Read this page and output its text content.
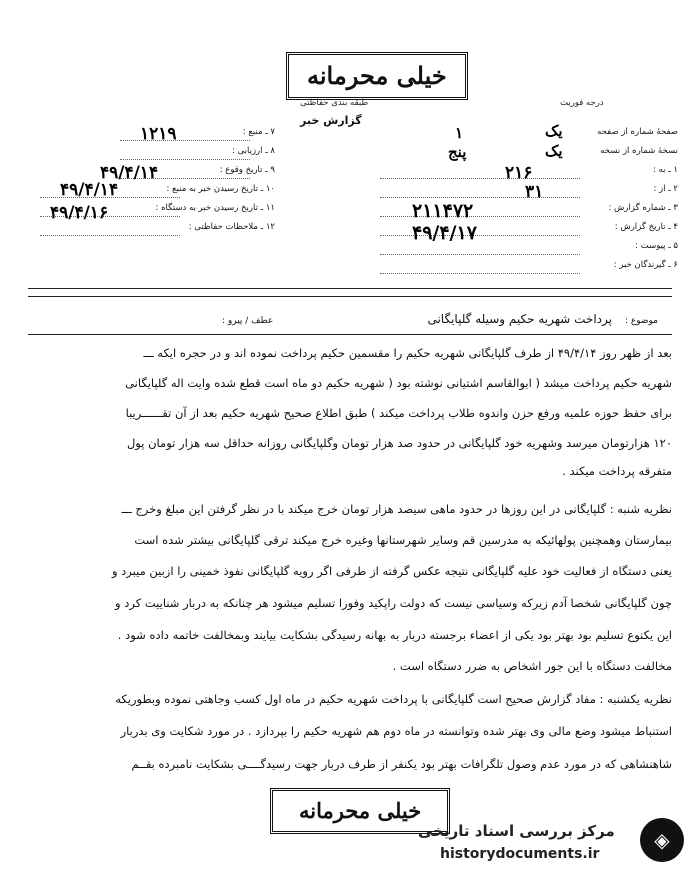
خیلی محرمانه
طبقه بندی حفاظتی	درجه فوریت
گزارش خبر
۷ ـ منبع :
۸ ـ ارزیابی :
۹ ـ تاریخ وقوع :
۱۰ ـ تاریخ رسیدن خبر به منبع :
۱۱ ـ تاریخ رسیدن خبر به دستگاه :
۱۲ ـ ملاحظات حفاظتی :
صفحهٔ شماره از صفحه
نسخهٔ شماره از نسخه
۱ ـ به :
۲ ـ از :
۳ ـ شماره گزارش :
۴ ـ تاریخ گزارش :
۵ ـ پیوست :
۶ ـ گیرندگان خبر :
۱۲۱۹
۴۹/۴/۱۴
۴۹/۴/۱۴
۴۹/۴/۱۶
یک
۱
یک
پنج
۲۱۶
۳۱
۲۱۱۴۷۲
۴۹/۴/۱۷
موضوع :
پرداخت شهریه حکیم وسیله گلپایگانی
عطف / پیرو :
بعد از ظهر روز ۴۹/۴/۱۴ از طرف گلپایگانی شهریه حکیم را مقسمین حکیم پرداخت نموده اند و در حجره ایکه ـــ
شهریه حکیم پرداخت میشد ( ابوالقاسم اشتیانی نوشته بود ( شهریه حکیم دو ماه است قطع شده وایت اله گلپایگانی
برای حفظ حوزه علمیه ورفع حزن واندوه طلاب پرداخت میکند ) طبق اطلاع صحیح شهریه حکیم بعد از آن تقــــــریبا
۱۲۰ هزارتومان میرسد وشهریه خود گلپایگانی در حدود صد هزار تومان وگلپایگانی روزانه حداقل سه هزار تومان پول
متفرقه پرداخت میکند .
نظریه شنبه : گلپایگانی در این روزها در حدود ماهی سیصد هزار تومان خرج میکند با در نظر گرفتن این مبلغ وخرج ـــ
بیمارستان وهمچنین پولهائیکه به مدرسین قم وسایر شهرستانها وغیره خرج میکند ترقی گلپایگانی بیشتر شده است
یعنی دستگاه از فعالیت خود علیه گلپایگانی نتیجه عکس گرفته از طرفی اگر رویه گلپایگانی نفوذ خمینی را ازبین میبرد و
چون گلپایگانی شخصا آدم زیرکه وسیاسی نیست که دولت راپکید وفورا تسلیم میشود هر چنانکه به دربار شناییت کرد و
این یکنوع تسلیم بود بهتر بود یکی از اعضاء برجسته دربار به بهانه رسیدگی بشکایت بیایند وبمخالفت خاتمه داده شود .
مخالفت دستگاه با این جور اشخاص به ضرر دستگاه است .
نظریه یکشنبه : مفاد گزارش صحیح است گلپایگانی با پرداخت شهریه حکیم در ماه اول کسب وجاهتی نموده وبطوریکه
استنباط میشود وضع مالی وی بهتر شده وتوانسته در ماه دوم هم شهریه حکیم را بپردازد . در مورد شکایت وی بدربار
شاهنشاهی که در مورد عدم وصول تلگرافات بهتر بود یکنفر از طرف دربار جهت رسیدگــــی بشکایت نامبرده بقــم
خیلی محرمانه
مرکز بررسی اسناد تاریخی
historydocuments.ir
◈
